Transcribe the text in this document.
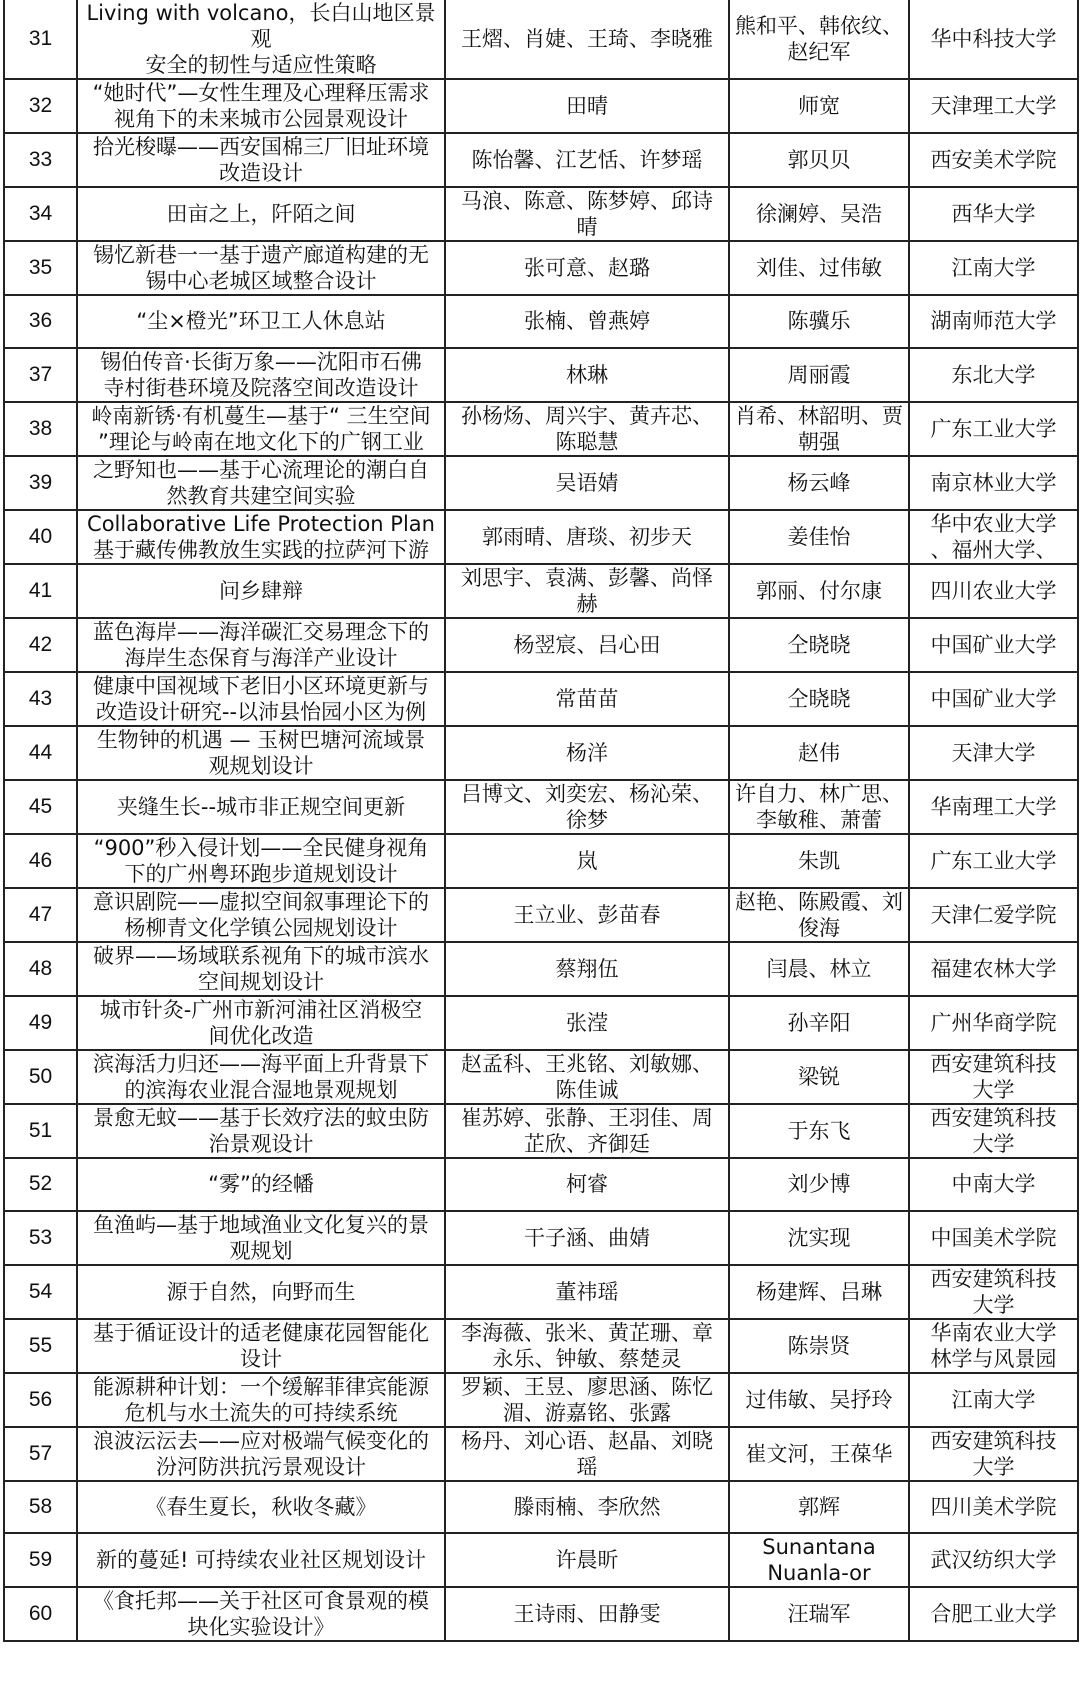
31	Living with volcano，长白山地区景观
安全的韧性与适应性策略	王熠、肖婕、王琦、李晓雅	熊和平、韩依纹、
赵纪军	华中科技大学
32	“她时代”—女性生理及心理释压需求
视角下的未来城市公园景观设计	田晴	师宽	天津理工大学
33	拾光梭曝——西安国棉三厂旧址环境
改造设计	陈怡馨、江艺恬、许梦瑶	郭贝贝	西安美术学院
34	田亩之上，阡陌之间	马浪、陈意、陈梦婷、邱诗
晴	徐澜婷、吴浩	西华大学
35	锡忆新巷一一基于遗产廊道构建的无
锡中心老城区域整合设计	张可意、赵璐	刘佳、过伟敏	江南大学
36	“尘×橙光”环卫工人休息站	张楠、曾燕婷	陈骥乐	湖南师范大学
37	锡伯传音·长街万象——沈阳市石佛
寺村街巷环境及院落空间改造设计	林琳	周丽霞	东北大学
38	岭南新锈·有机蔓生—基于“ 三生空间
”理论与岭南在地文化下的广钢工业	孙杨炀、周兴宇、黄卉芯、
陈聪慧	肖希、林韶明、贾
朝强	广东工业大学
39	之野知也——基于心流理论的潮白自
然教育共建空间实验	吴语婧	杨云峰	南京林业大学
40	Collaborative Life Protection Plan
基于藏传佛教放生实践的拉萨河下游	郭雨晴、唐琰、初步天	姜佳怡	华中农业大学
、福州大学、
41	问乡肆辩	刘思宇、袁满、彭馨、尚怿
赫	郭丽、付尔康	四川农业大学
42	蓝色海岸——海洋碳汇交易理念下的
海岸生态保育与海洋产业设计	杨翌宸、吕心田	仝晓晓	中国矿业大学
43	健康中国视域下老旧小区环境更新与
改造设计研究--以沛县怡园小区为例	常苗苗	仝晓晓	中国矿业大学
44	生物钟的机遇 — 玉树巴塘河流域景
观规划设计	杨洋	赵伟	天津大学
45	夹缝生长--城市非正规空间更新	吕博文、刘奕宏、杨沁荣、
徐梦	许自力、林广思、
李敏稚、萧蕾	华南理工大学
46	“900”秒入侵计划——全民健身视角
下的广州粤环跑步道规划设计	岚	朱凯	广东工业大学
47	意识剧院——虚拟空间叙事理论下的
杨柳青文化学镇公园规划设计	王立业、彭苗春	赵艳、陈殿霞、刘
俊海	天津仁爱学院
48	破界——场域联系视角下的城市滨水
空间规划设计	蔡翔伍	闫晨、林立	福建农林大学
49	城市针灸-广州市新河浦社区消极空
间优化改造	张滢	孙辛阳	广州华商学院
50	滨海活力归还——海平面上升背景下
的滨海农业混合湿地景观规划	赵孟科、王兆铭、刘敏娜、
陈佳诚	梁锐	西安建筑科技
大学
51	景愈无蚊——基于长效疗法的蚊虫防
治景观设计	崔苏婷、张静、王羽佳、周
芷欣、齐御廷	于东飞	西安建筑科技
大学
52	“雾”的经幡	柯睿	刘少博	中南大学
53	鱼渔屿—基于地域渔业文化复兴的景
观规划	干子涵、曲婧	沈实现	中国美术学院
54	源于自然，向野而生	董祎瑶	杨建辉、吕琳	西安建筑科技
大学
55	基于循证设计的适老健康花园智能化
设计	李海薇、张米、黄芷珊、章
永乐、钟敏、蔡楚灵	陈崇贤	华南农业大学
林学与风景园
56	能源耕种计划：一个缓解菲律宾能源
危机与水土流失的可持续系统	罗颖、王昱、廖思涵、陈忆
湄、游嘉铭、张露	过伟敏、吴抒玲	江南大学
57	浪波沄沄去——应对极端气候变化的
汾河防洪抗污景观设计	杨丹、刘心语、赵晶、刘晓
瑶	崔文河，王葆华	西安建筑科技
大学
58	《春生夏长，秋收冬藏》	滕雨楠、李欣然	郭辉	四川美术学院
59	新的蔓延! 可持续农业社区规划设计	许晨昕	Sunantana
Nuanla-or	武汉纺织大学
60	《食托邦——关于社区可食景观的模
块化实验设计》	王诗雨、田静雯	汪瑞军	合肥工业大学
